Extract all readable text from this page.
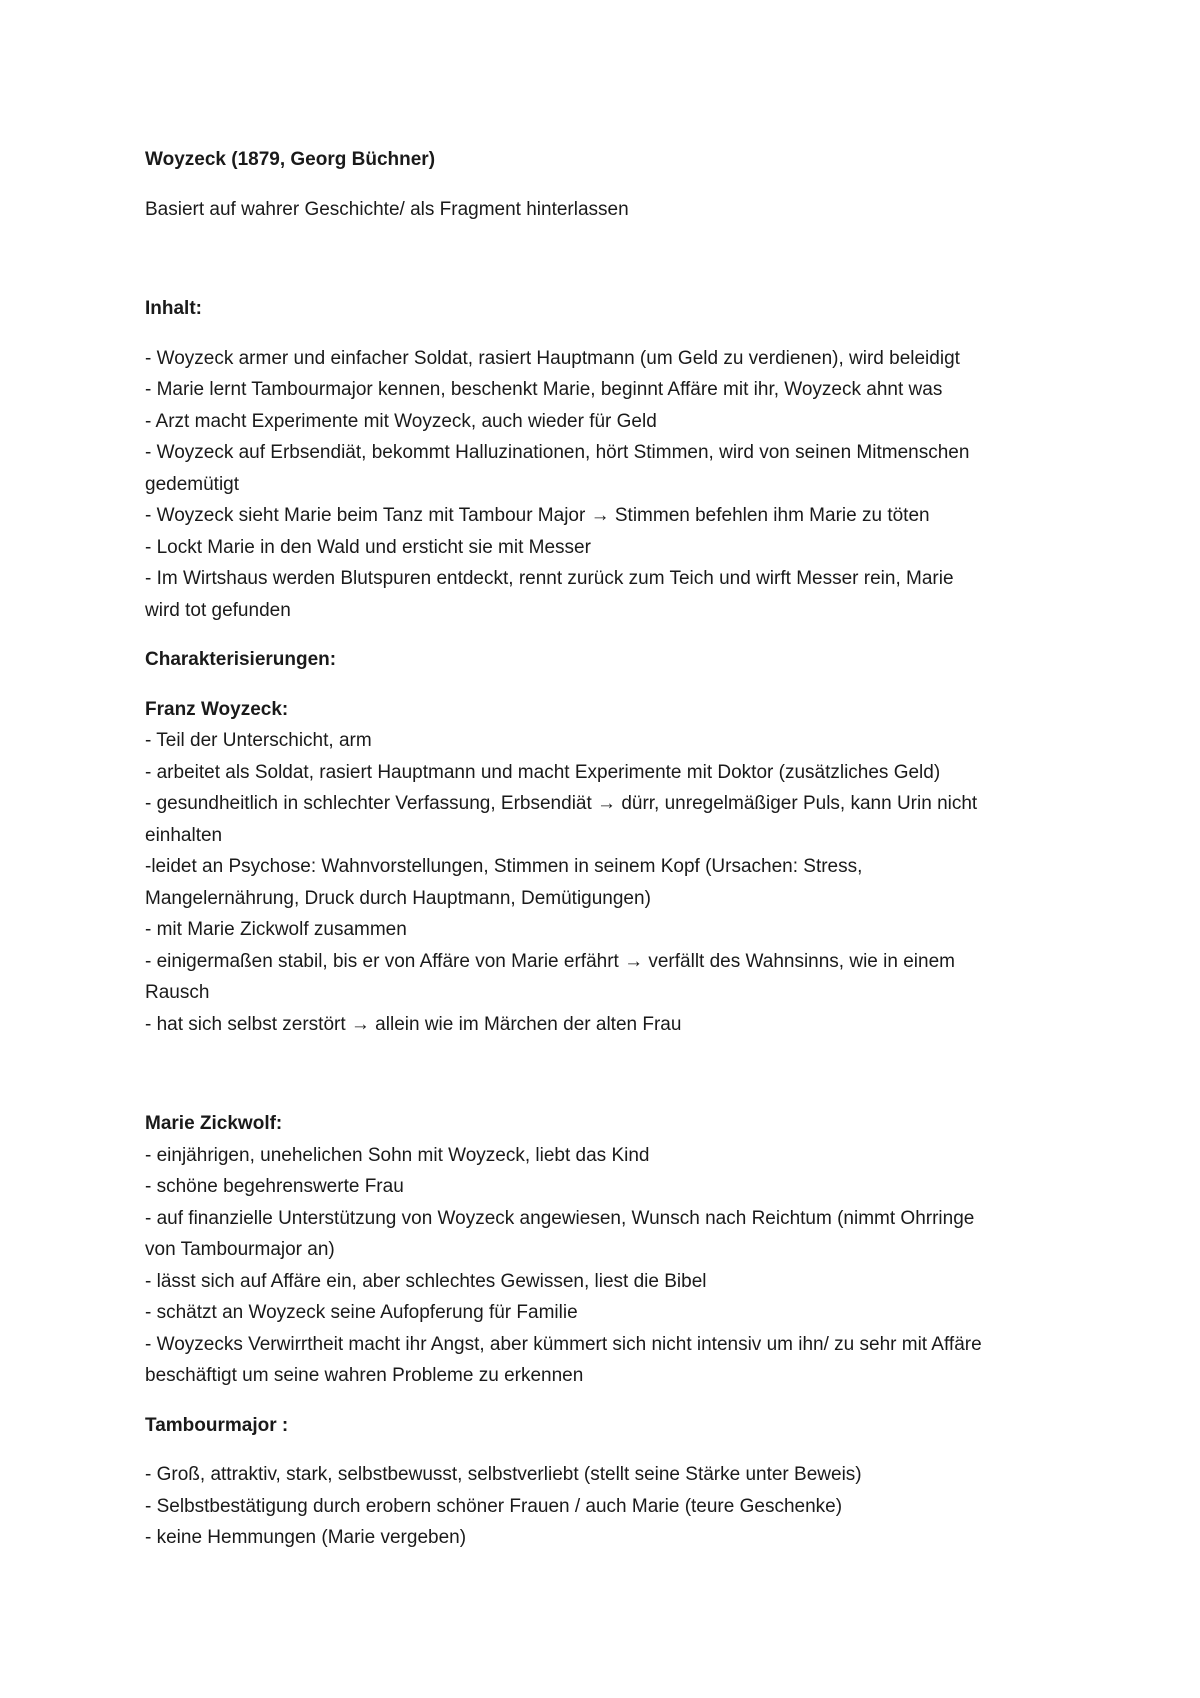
Woyzeck (1879, Georg Büchner)

Basiert auf wahrer Geschichte/ als Fragment hinterlassen

Inhalt:

- Woyzeck armer und einfacher Soldat, rasiert Hauptmann (um Geld zu verdienen), wird beleidigt

- Marie lernt Tambourmajor kennen, beschenkt Marie, beginnt Affäre mit ihr, Woyzeck ahnt was

- Arzt macht Experimente mit Woyzeck, auch wieder für Geld

- Woyzeck auf Erbsendiät, bekommt Halluzinationen, hört Stimmen, wird von seinen Mitmenschen

gedemütigt

- Woyzeck sieht Marie beim Tanz mit Tambour Major → Stimmen befehlen ihm Marie zu töten

- Lockt Marie in den Wald und ersticht sie mit Messer

- Im Wirtshaus werden Blutspuren entdeckt, rennt zurück zum Teich und wirft Messer rein, Marie

wird tot gefunden

Charakterisierungen:

Franz Woyzeck:

- Teil der Unterschicht, arm

- arbeitet als Soldat, rasiert Hauptmann und macht Experimente mit Doktor (zusätzliches Geld)

- gesundheitlich in schlechter Verfassung, Erbsendiät → dürr, unregelmäßiger Puls, kann Urin nicht

einhalten

-leidet an Psychose: Wahnvorstellungen, Stimmen in seinem Kopf (Ursachen: Stress,

Mangelernährung, Druck durch Hauptmann, Demütigungen)

- mit Marie Zickwolf zusammen

- einigermaßen stabil, bis er von Affäre von Marie erfährt → verfällt des Wahnsinns, wie in einem

Rausch

- hat sich selbst zerstört → allein wie im Märchen der alten Frau

Marie Zickwolf:

- einjährigen, unehelichen Sohn mit Woyzeck, liebt das Kind

- schöne begehrenswerte Frau

- auf finanzielle Unterstützung von Woyzeck angewiesen, Wunsch nach Reichtum (nimmt Ohrringe

von Tambourmajor an)

- lässt sich auf Affäre ein, aber schlechtes Gewissen, liest die Bibel

- schätzt an Woyzeck seine Aufopferung für Familie

- Woyzecks Verwirrtheit macht ihr Angst, aber kümmert sich nicht intensiv um ihn/ zu sehr mit Affäre

beschäftigt um seine wahren Probleme zu erkennen

Tambourmajor :

- Groß, attraktiv, stark, selbstbewusst, selbstverliebt (stellt seine Stärke unter Beweis)

- Selbstbestätigung durch erobern schöner Frauen / auch Marie (teure Geschenke)

- keine Hemmungen (Marie vergeben)
